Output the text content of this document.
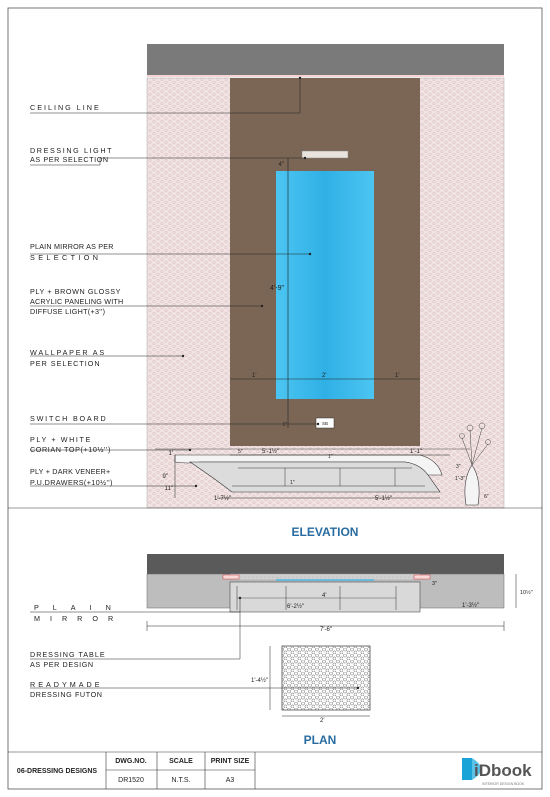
SB
4"
4'-9"
1'	2'	1'
1"
5'-1½"	1'-1"
5"
1"
1'
9"
11"
1'-7½"
1"
5'-1½"
3"
1'-3"
6"
CEILING LINE
DRESSING LIGHT
AS PER SELECTION
PLAIN MIRROR AS PER
SELECTION
PLY + BROWN GLOSSY
ACRYLIC PANELING WITH
DIFFUSE LIGHT(+3'')
WALLPAPER AS
PER SELECTION
SWITCH BOARD
PLY + WHITE
CORIAN TOP(+10½'')
PLY + DARK VENEER+
P.U.DRAWERS(+10½'')
ELEVATION
3"
4'
6'-2½"	1'-3½"
10½"
7'-6"
1'-4½"
2'
PLAIN
MIRROR
DRESSING TABLE
AS PER DESIGN
READYMADE
DRESSING FUTON
PLAN
06-DRESSING DESIGNS
DWG.NO.
DR1520
SCALE
N.T.S.
PRINT SIZE
A3
iDbook
INTERIOR DESIGN BOOK
